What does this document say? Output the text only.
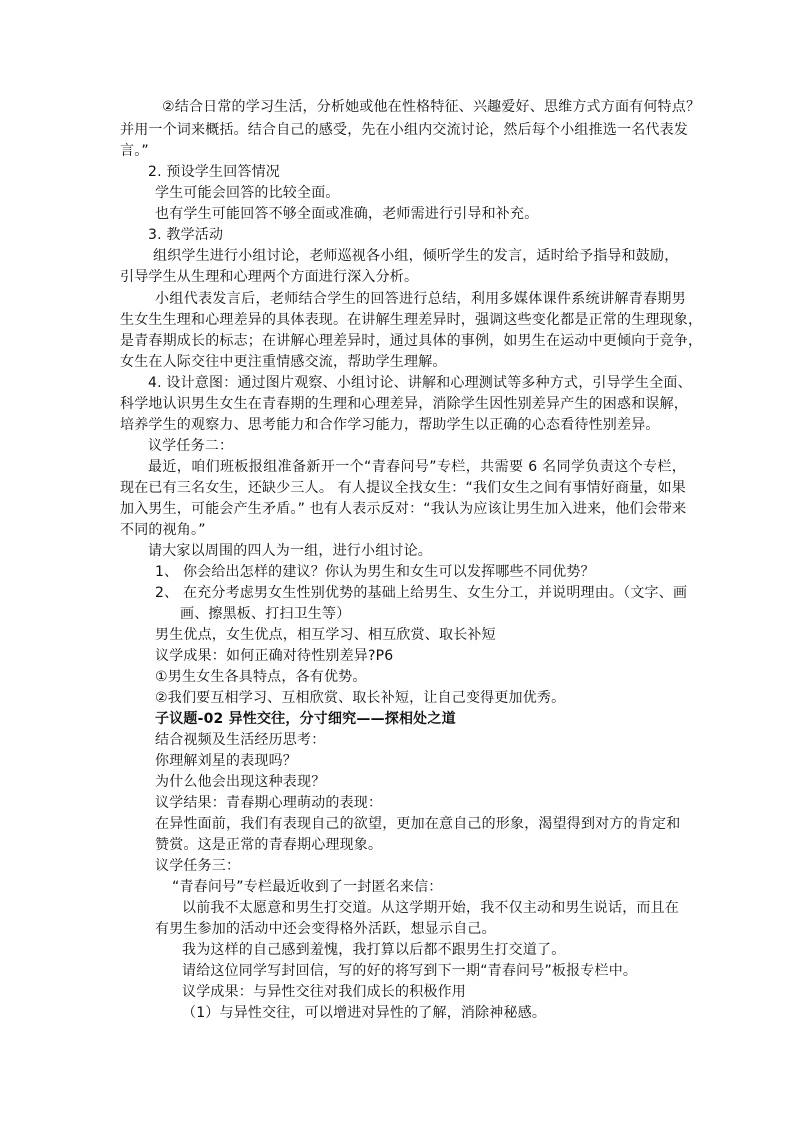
②结合日常的学习生活，分析她或他在性格特征、兴趣爱好、思维方式方面有何特点？
并用一个词来概括。结合自己的感受，先在小组内交流讨论，然后每个小组推选一名代表发
言。”
2. 预设学生回答情况
学生可能会回答的比较全面。
也有学生可能回答不够全面或准确，老师需进行引导和补充。
3. 教学活动
组织学生进行小组讨论，老师巡视各小组，倾听学生的发言，适时给予指导和鼓励，
引导学生从生理和心理两个方面进行深入分析。
小组代表发言后，老师结合学生的回答进行总结，利用多媒体课件系统讲解青春期男
生女生生理和心理差异的具体表现。在讲解生理差异时，强调这些变化都是正常的生理现象，
是青春期成长的标志；在讲解心理差异时，通过具体的事例，如男生在运动中更倾向于竞争，
女生在人际交往中更注重情感交流，帮助学生理解。
4. 设计意图：通过图片观察、小组讨论、讲解和心理测试等多种方式，引导学生全面、
科学地认识男生女生在青春期的生理和心理差异，消除学生因性别差异产生的困惑和误解，
培养学生的观察力、思考能力和合作学习能力，帮助学生以正确的心态看待性别差异。
议学任务二：
最近，咱们班板报组准备新开一个“青春问号”专栏，共需要 6 名同学负责这个专栏，
现在已有三名女生，还缺少三人。 有人提议全找女生：“我们女生之间有事情好商量，如果
加入男生，可能会产生矛盾。” 也有人表示反对：“我认为应该让男生加入进来，他们会带来
不同的视角。”
请大家以周围的四人为一组，进行小组讨论。
1、 你会给出怎样的建议？你认为男生和女生可以发挥哪些不同优势？
2、 在充分考虑男女生性别优势的基础上给男生、女生分工，并说明理由。（文字、画
画、擦黑板、打扫卫生等）
男生优点，女生优点，相互学习、相互欣赏、取长补短
议学成果：如何正确对待性别差异?P6
①男生女生各具特点，各有优势。
②我们要互相学习、互相欣赏、取长补短，让自己变得更加优秀。
子议题-02 异性交往，分寸细究——探相处之道
结合视频及生活经历思考：
你理解刘星的表现吗？
为什么他会出现这种表现？
议学结果：青春期心理萌动的表现：
在异性面前，我们有表现自己的欲望，更加在意自己的形象，渴望得到对方的肯定和
赞赏。这是正常的青春期心理现象。
议学任务三：
“青春问号”专栏最近收到了一封匿名来信：
以前我不太愿意和男生打交道。从这学期开始，我不仅主动和男生说话，而且在
有男生参加的活动中还会变得格外活跃，想显示自己。
我为这样的自己感到羞愧，我打算以后都不跟男生打交道了。
请给这位同学写封回信，写的好的将写到下一期“青春问号”板报专栏中。
议学成果：与异性交往对我们成长的积极作用
（1）与异性交往，可以增进对异性的了解，消除神秘感。
